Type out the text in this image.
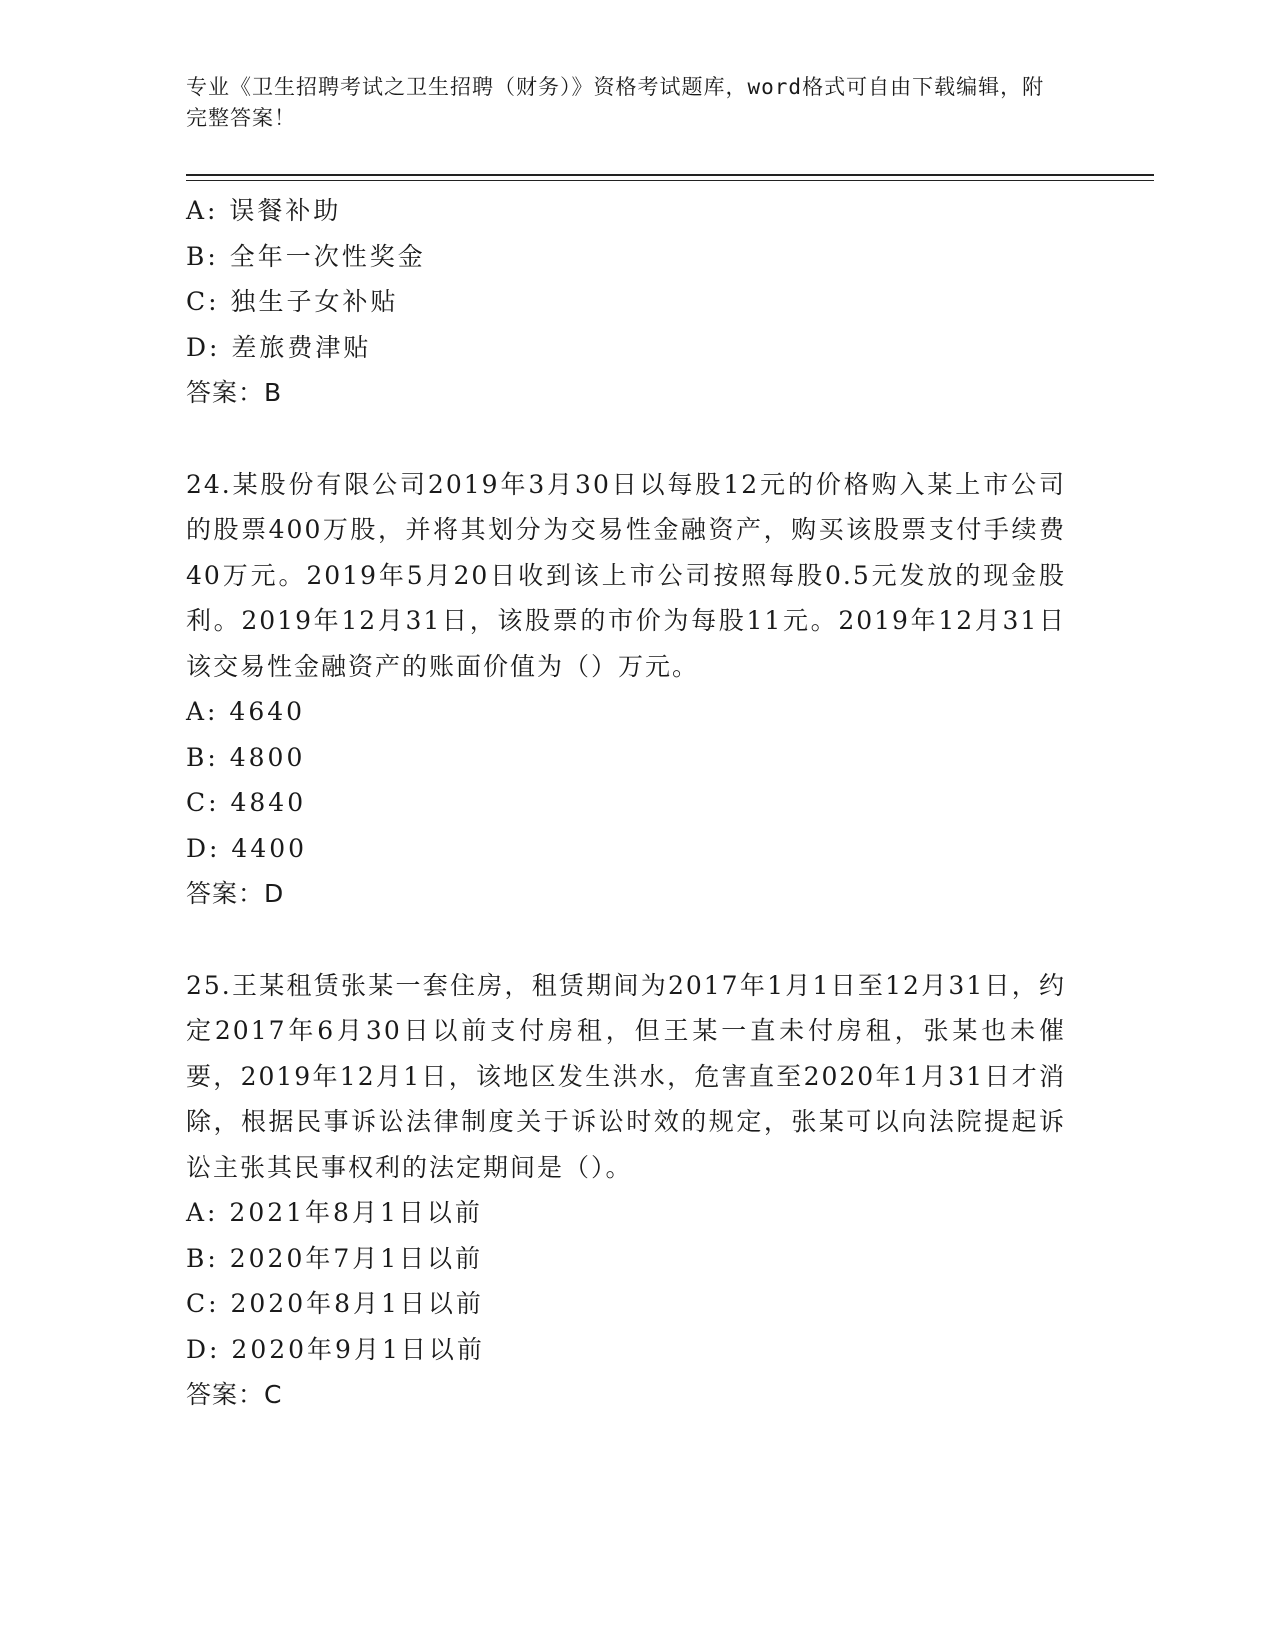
专业《卫生招聘考试之卫生招聘（财务）》资格考试题库，word格式可自由下载编辑，附完整答案！
A: 误餐补助
B: 全年一次性奖金
C: 独生子女补贴
D: 差旅费津贴
答案：B
24.某股份有限公司2019年3月30日以每股12元的价格购入某上市公司的股票400万股，并将其划分为交易性金融资产，购买该股票支付手续费40万元。2019年5月20日收到该上市公司按照每股0.5元发放的现金股利。2019年12月31日，该股票的市价为每股11元。2019年12月31日该交易性金融资产的账面价值为（）万元。
A: 4640
B: 4800
C: 4840
D: 4400
答案：D
25.王某租赁张某一套住房，租赁期间为2017年1月1日至12月31日，约定2017年6月30日以前支付房租，但王某一直未付房租，张某也未催要，2019年12月1日，该地区发生洪水，危害直至2020年1月31日才消除，根据民事诉讼法律制度关于诉讼时效的规定，张某可以向法院提起诉讼主张其民事权利的法定期间是（）。
A: 2021年8月1日以前
B: 2020年7月1日以前
C: 2020年8月1日以前
D: 2020年9月1日以前
答案：C
